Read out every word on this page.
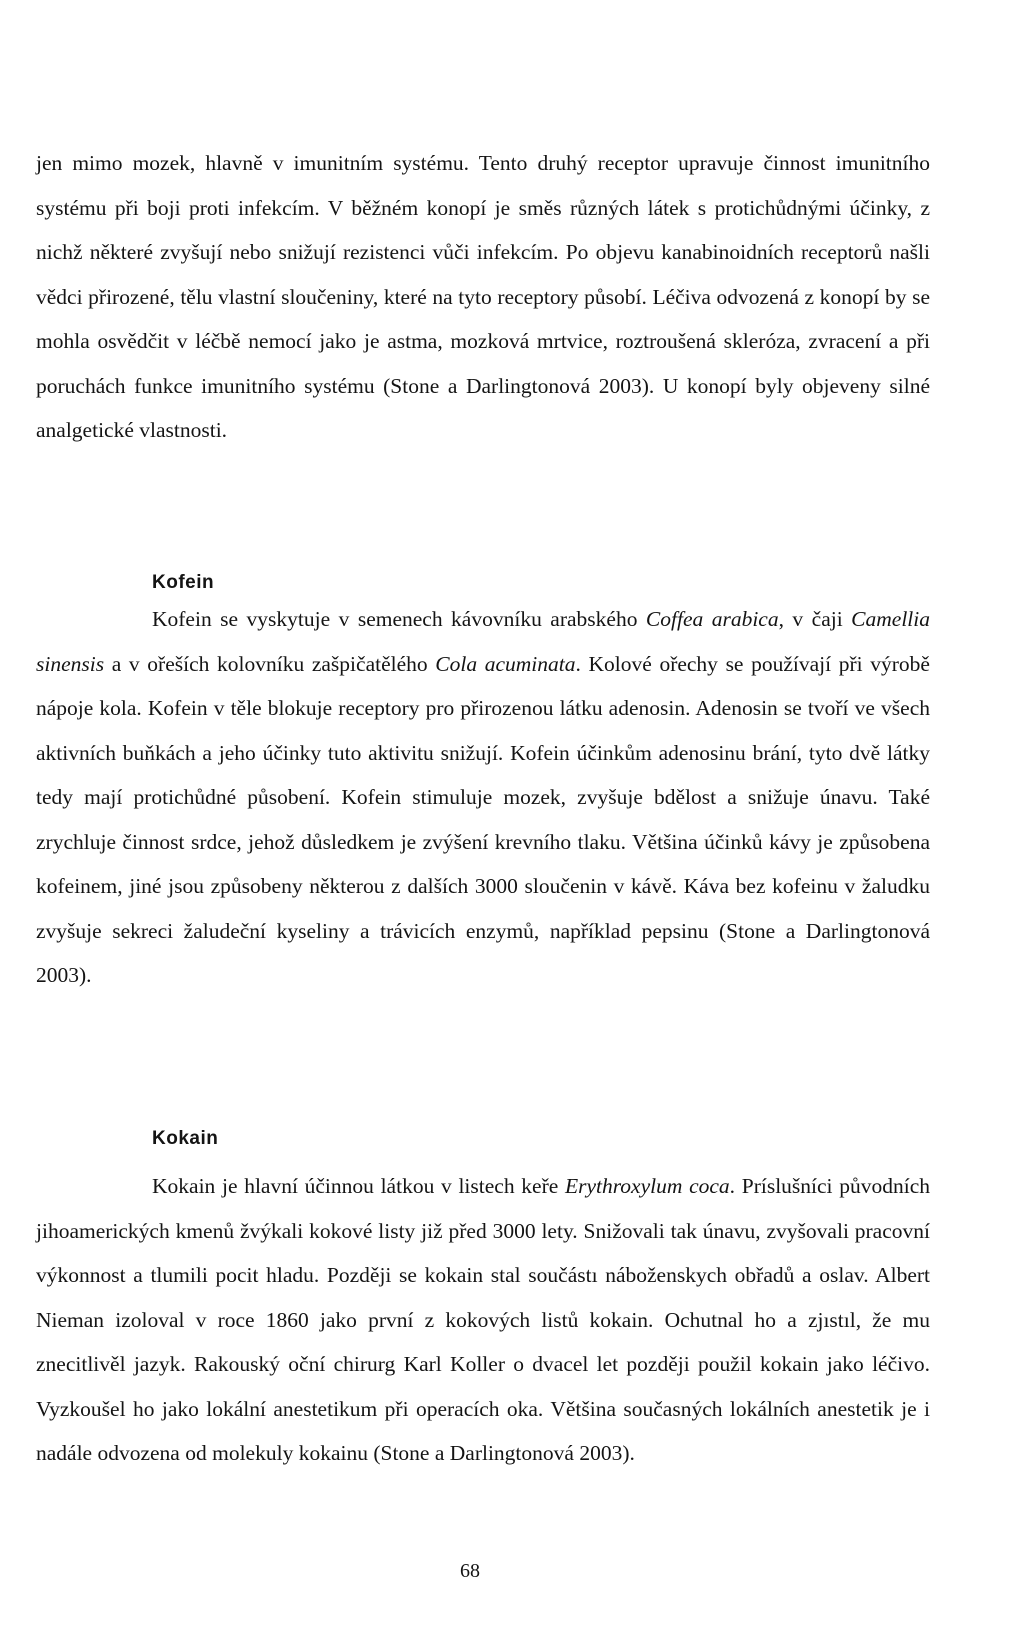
jen mimo mozek, hlavně v imunitním systému. Tento druhý receptor upravuje činnost imunitního systému při boji proti infekcím. V běžném konopí je směs různých látek s protichůdnými účinky, z nichž některé zvyšují nebo snižují rezistenci vůči infekcím. Po objevu kanabinoidních receptorů našli vědci přirozené, tělu vlastní sloučeniny, které na tyto receptory působí. Léčiva odvozená z konopí by se mohla osvědčit v léčbě nemocí jako je astma, mozková mrtvice, roztroušená skleróza, zvracení a při poruchách funkce imunitního systému (Stone a Darlingtonová 2003). U konopí byly objeveny silné analgetické vlastnosti.

Kofein

Kofein se vyskytuje v semenech kávovníku arabského Coffea arabica, v čaji Camellia sinensis a v ořeších kolovníku zašpičatělého Cola acuminata. Kolové ořechy se používají při výrobě nápoje kola. Kofein v těle blokuje receptory pro přirozenou látku adenosin. Adenosin se tvoří ve všech aktivních buňkách a jeho účinky tuto aktivitu snižují. Kofein účinkům adenosinu brání, tyto dvě látky tedy mají protichůdné působení. Kofein stimuluje mozek, zvyšuje bdělost a snižuje únavu. Také zrychluje činnost srdce, jehož důsledkem je zvýšení krevního tlaku. Většina účinků kávy je způsobena kofeinem, jiné jsou způsobeny některou z dalších 3000 sloučenin v kávě. Káva bez kofeinu v žaludku zvyšuje sekreci žaludeční kyseliny a trávicích enzymů, například pepsinu (Stone a Darlingtonová 2003).

Kokain

Kokain je hlavní účinnou látkou v listech keře Erythroxylum coca. Príslušníci původních jihoamerických kmenů žvýkali kokové listy již před 3000 lety. Snižovali tak únavu, zvyšovali pracovní výkonnost a tlumili pocit hladu. Později se kokain stal součástı náboženskych obřadů a oslav. Albert Nieman izoloval v roce 1860 jako první z kokových listů kokain. Ochutnal ho a zjıstıl, že mu znecitlivěl jazyk. Rakouský oční chirurg Karl Koller o dvacel let později použil kokain jako léčivo. Vyzkoušel ho jako lokální anestetikum při operacích oka. Většina současných lokálních anestetik je i nadále odvozena od molekuly kokainu (Stone a Darlingtonová 2003).

68
